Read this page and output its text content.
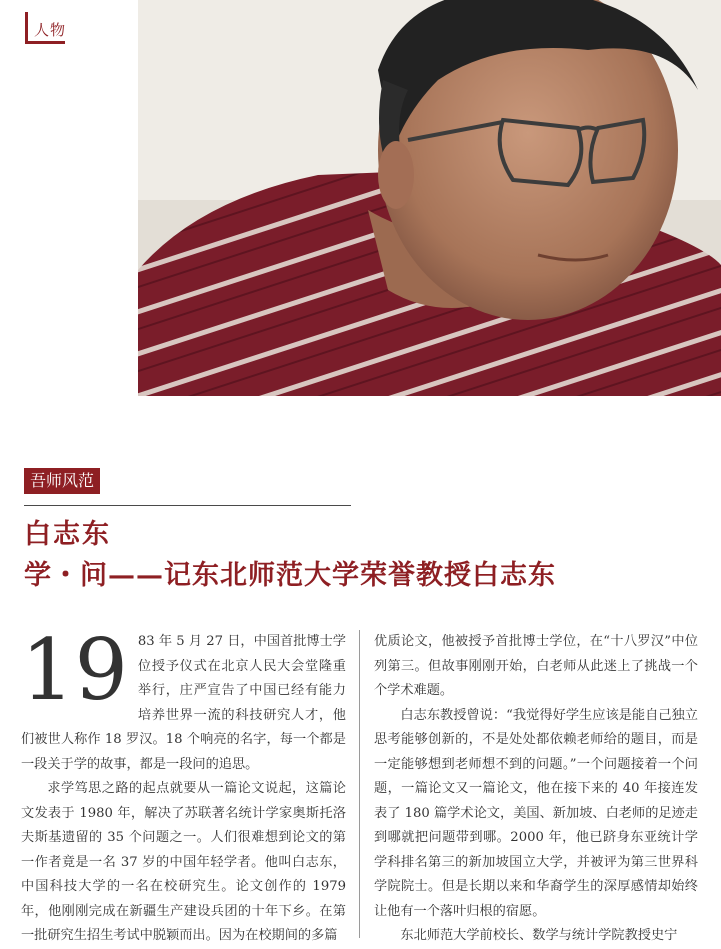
人物
吾师风范
白志东
学・问——记东北师范大学荣誉教授白志东
19 83 年 5 月 27 日，中国首批博士学位授予仪式在北京人民大会堂隆重举行，庄严宣告了中国已经有能力培养世界一流的科技研究人才，他们被世人称作 18 罗汉。18 个响亮的名字，每一个都是一段关于学的故事，都是一段问的追思。

求学笃思之路的起点就要从一篇论文说起，这篇论文发表于 1980 年，解决了苏联著名统计学家奥斯托洛夫斯基遗留的 35 个问题之一。人们很难想到论文的第一作者竟是一名 37 岁的中国年轻学者。他叫白志东，中国科技大学的一名在校研究生。论文创作的 1979 年，他刚刚完成在新疆生产建设兵团的十年下乡。在第一批研究生招生考试中脱颖而出。因为在校期间的多篇

优质论文，他被授予首批博士学位，在“十八罗汉”中位列第三。但故事刚刚开始，白老师从此迷上了挑战一个个学术难题。

白志东教授曾说：“我觉得好学生应该是能自己独立思考能够创新的，不是处处都依赖老师给的题目，而是一定能够想到老师想不到的问题。”一个问题接着一个问题，一篇论文又一篇论文，他在接下来的 40 年接连发表了 180 篇学术论文，美国、新加坡、白老师的足迹走到哪就把问题带到哪。2000 年，他已跻身东亚统计学学科排名第三的新加坡国立大学，并被评为第三世界科学院院士。但是长期以来和华裔学生的深厚感情却始终让他有一个落叶归根的宿愿。

东北师范大学前校长、数学与统计学院教授史宁
